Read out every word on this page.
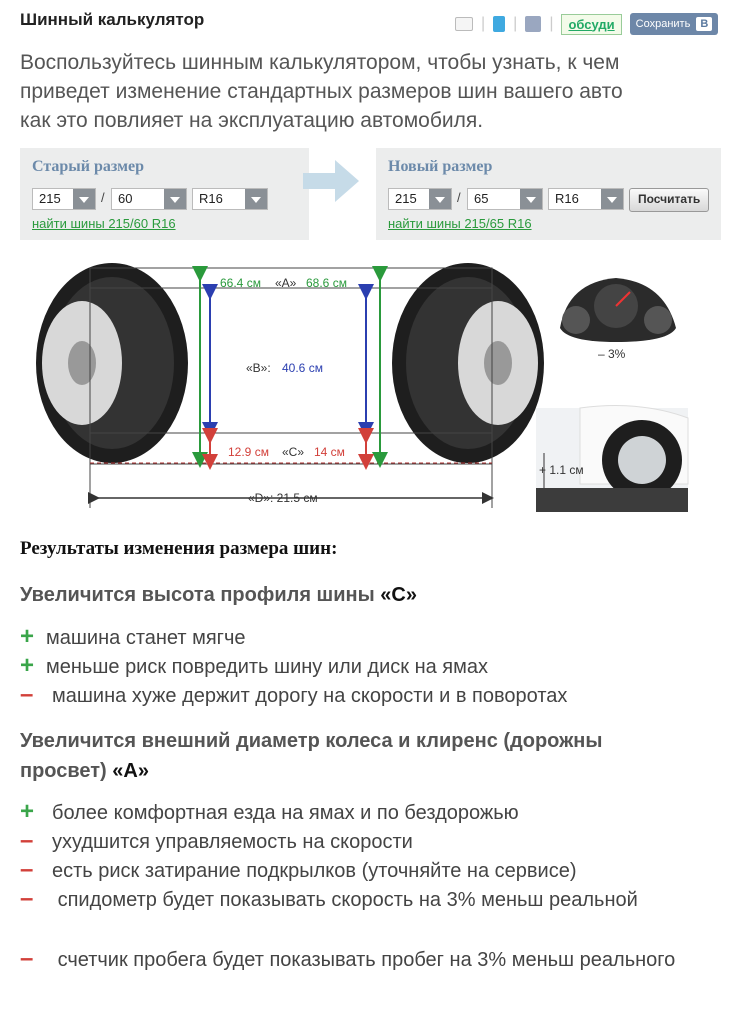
Шинный калькулятор	| | |	обсуди	Сохранить В
Воспользуйтесь шинным калькулятором, чтобы узнать, к чем
приведет изменение стандартных размеров шин вашего авто
как это повлияет на эксплуатацию автомобиля.
Старый размер
215	/	60	R16
найти шины 215/60 R16
Новый размер
215	/	65	R16	Посчитать
найти шины 215/65 R16
66.4 см «A» 68.6 см
«B»: 40.6 см
12.9 см «C» 14 см
«D»: 21.5 см
– 3%
+ 1.1 см
Результаты изменения размера шин:
Увеличится высота профиля шины «C»
+ машина станет мягче
+ меньше риск повредить шину или диск на ямах
– машина хуже держит дорогу на скорости и в поворотах
Увеличится внешний диаметр колеса и клиренс (дорожны
просвет) «A»
+ более комфортная езда на ямах и по бездорожью
– ухудшится управляемость на скорости
– есть риск затирание подкрылков (уточняйте на сервисе)
– спидометр будет показывать скорость на 3% меньш реальной
– счетчик пробега будет показывать пробег на 3% меньш реального
